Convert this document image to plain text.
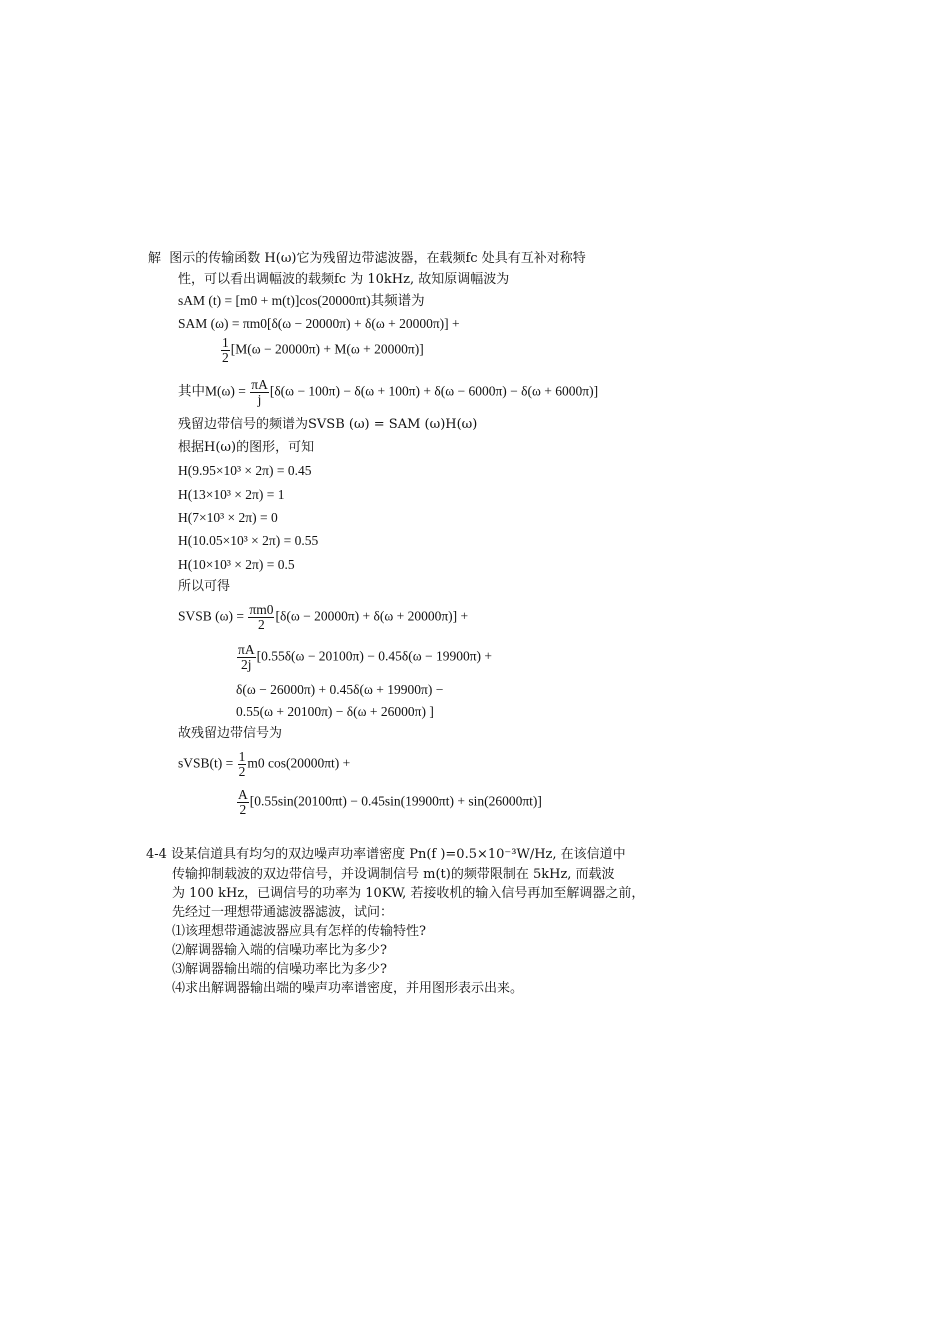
解 图示的传输函数 H(ω)它为残留边带滤波器，在载频fc 处具有互补对称特
性，可以看出调幅波的载频fc 为 10kHz, 故知原调幅波为
sAM (t) = [m0 + m(t)]cos(20000πt)其频谱为
SAM (ω) = πm0[δ(ω − 20000π) + δ(ω + 20000π)] +
$\frac{1}{2} [M(\omega - 20000\pi) + M(\omega + 20000\pi)]$
其中$M(\omega) = \frac{\pi A}{j} [\delta(\omega - 100\pi) - \delta(\omega + 100\pi) + \delta(\omega - 6000\pi) - \delta(\omega + 6000\pi)]$
残留边带信号的频谱为SVSB (ω) = SAM (ω)H(ω)
根据H(ω)的图形，可知
H(9.95×10³ × 2π) = 0.45
H(13×10³ × 2π) = 1
H(7×10³ × 2π) = 0
H(10.05×10³ × 2π) = 0.55
H(10×10³ × 2π) = 0.5
所以可得
SVSB $(\omega) = \frac{\pi m0}{2} [\delta(\omega - 20000\pi) + \delta(\omega + 20000\pi)]$ +
$\frac{\pi A}{2j} [0.55\delta(\omega - 20100\pi) - 0.45\delta(\omega - 19900\pi)$ +
δ(ω − 26000π) + 0.45δ(ω + 19900π) −
0.55(ω + 20100π) − δ(ω + 26000π) ]
故残留边带信号为
sVSB(t) = $\frac{1}{2} m0$ cos(20000πt) +
$\frac{A}{2} [0.55\sin(20100\pi t) - 0.45\sin(19900\pi t) + \sin(26000\pi t)]$
4-4 设某信道具有均匀的双边噪声功率谱密度 Pn(f )=0.5×10⁻³W/Hz, 在该信道中
传输抑制载波的双边带信号，并设调制信号 m(t)的频带限制在 5kHz, 而载波
为 100 kHz，已调信号的功率为 10KW, 若接收机的输入信号再加至解调器之前，
先经过一理想带通滤波器滤波，试问：
⑴该理想带通滤波器应具有怎样的传输特性?
⑵解调器输入端的信噪功率比为多少?
⑶解调器输出端的信噪功率比为多少?
⑷求出解调器输出端的噪声功率谱密度，并用图形表示出来。
